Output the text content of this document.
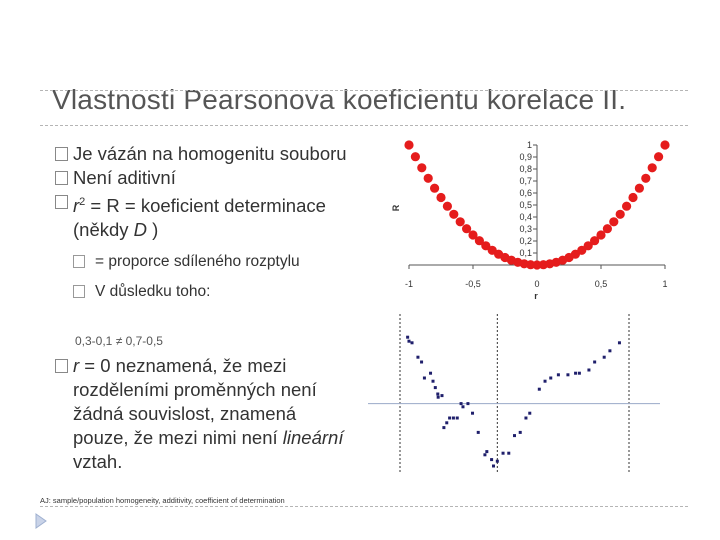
Vlastnosti Pearsonova koeficientu korelace II.
Je vázán na homogenitu souboru
Není aditivní
$r^2 = R$ = koeficient determinace (někdy D )
= proporce sdíleného rozptylu
V důsledku toho:
0,3-0,1 ≠ 0,7-0,5
r = 0 neznamená, že mezi rozděleními proměnných není žádná souvislost, znamená pouze, že mezi nimi není lineární vztah.
AJ: sample/population homogeneity, additivity, coefficient of determination
-1	-0,5	0	0,5	1
0,1
0,2
0,3
0,4
0,5
0,6
0,7
0,8
0,9
1
r
R
